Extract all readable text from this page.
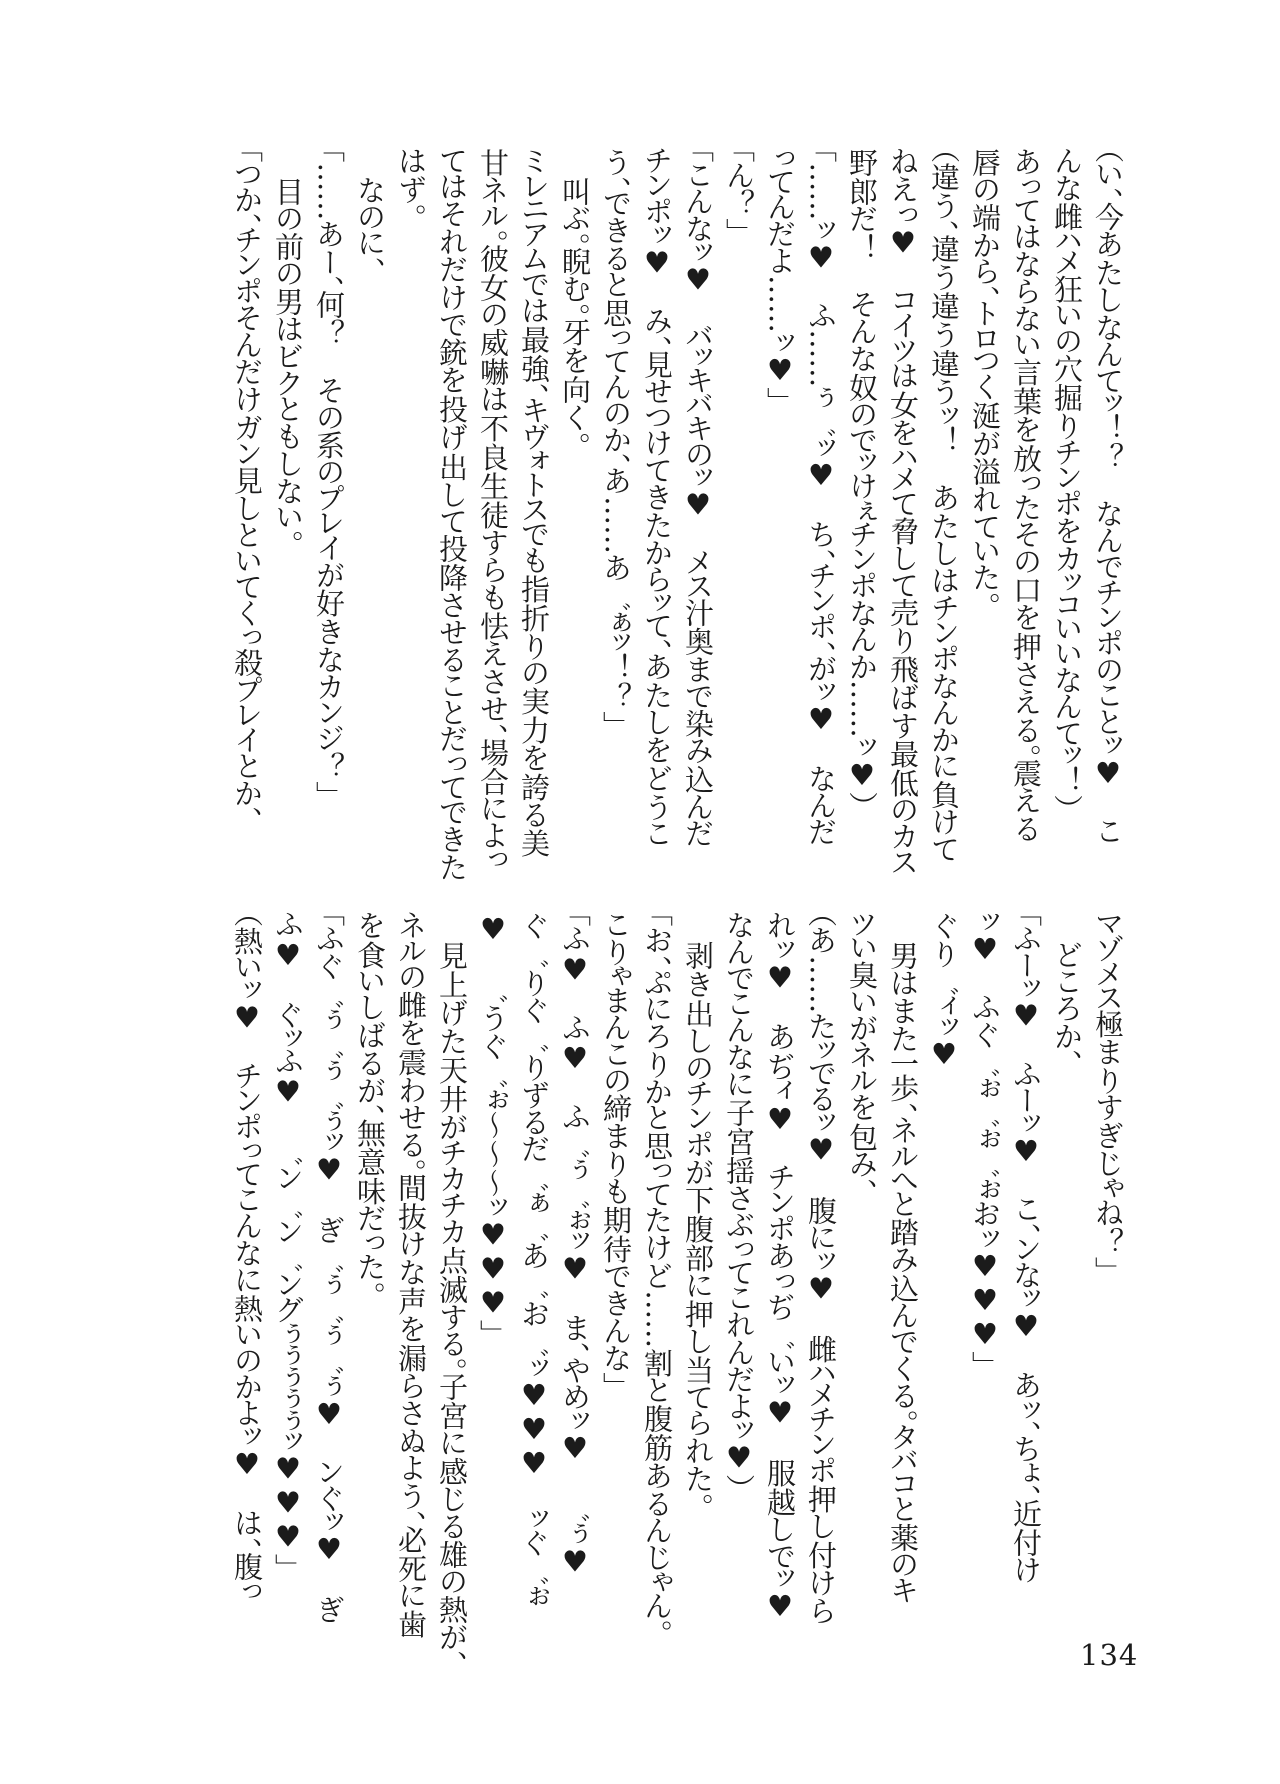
（い、今あたしなんてッ！？　なんでチンポのことッ♥　こ
んな雌ハメ狂いの穴掘りチンポをカッコいいなんてッ！）
あってはならない言葉を放ったその口を押さえる。震える
唇の端から、トロつく涎が溢れていた。
（違う、違う違う違うッ！　あたしはチンポなんかに負けて
ねえっ♥　コイツは女をハメて脅して売り飛ばす最低のカス
野郎だ！　そんな奴のでッけぇチンポなんか……ッ♥）
「……ッ♥　ふ……ぅ゛ッ♥　ち、チンポ、がッ♥　なんだ
ってんだよ……ッ♥」
「ん？」
「こんなッ♥　バッキバキのッ♥　メス汁奥まで染み込んだ
チンポッ♥　み、見せつけてきたからッて、あたしをどうこ
う、できると思ってんのか、あ……あ゛ぁッ！？」
　叫ぶ。睨む。牙を向く。
ミレニアムでは最強、キヴォトスでも指折りの実力を誇る美
甘ネル。彼女の威嚇は不良生徒すらも怯えさせ、場合によっ
てはそれだけで銃を投げ出して投降させることだってできた
はず。
　なのに、
「……あー、何？　その系のプレイが好きなカンジ？」
　目の前の男はビクともしない。
「つか、チンポそんだけガン見しといてくっ殺プレイとか、
マゾメス極まりすぎじゃね？」
　どころか、
「ふーッ♥　ふーッ♥　こ、ンなッ♥　あッ、ちょ、近付け
ッ♥　ふぐ゛ぉ゛ぉ゛ぉおッ♥♥♥」
ぐり゛ィッ♥
　男はまた一歩、ネルへと踏み込んでくる。タバコと薬のキ
ツい臭いがネルを包み、
（あ……たッでるッ♥　腹にッ♥　雌ハメチンポ押し付けら
れッ♥　あぢィ♥　チンポあっぢ゛いッ♥　服越しでッ♥
なんでこんなに子宮揺さぶってこれんだよッ♥）
　剥き出しのチンポが下腹部に押し当てられた。
「お、ぷにろりかと思ってたけど……割と腹筋あるんじゃん。
こりゃまんこの締まりも期待できんな」
「ふ♥　ふ♥　ふ゛ぅ゛ぉッ♥　ま、やめッ♥　゛ぅ♥
ぐ゛りぐ゛りずるだ゛ぁ゛あ゛お゛ッ♥♥♥　ッぐ゛ぉ
♥　゛うぐ゛ぉ～～～ッ♥♥♥」
　見上げた天井がチカチカ点滅する。子宮に感じる雄の熱が、
ネルの雌を震わせる。間抜けな声を漏らさぬよう、必死に歯
を食いしばるが、無意味だった。
「ふぐ゛ぅ゛ぅ゛ぅッ♥　ぎ゛ぅ゛ぅ゛ぅ♥　ンぐッ♥　ぎ
ふ♥　ぐッふ♥　゛ン゛ン゛ングぅぅぅぅぅッ♥♥♥」
（熱いッ♥　チンポってこんなに熱いのかよッ♥　は、腹っ
134
